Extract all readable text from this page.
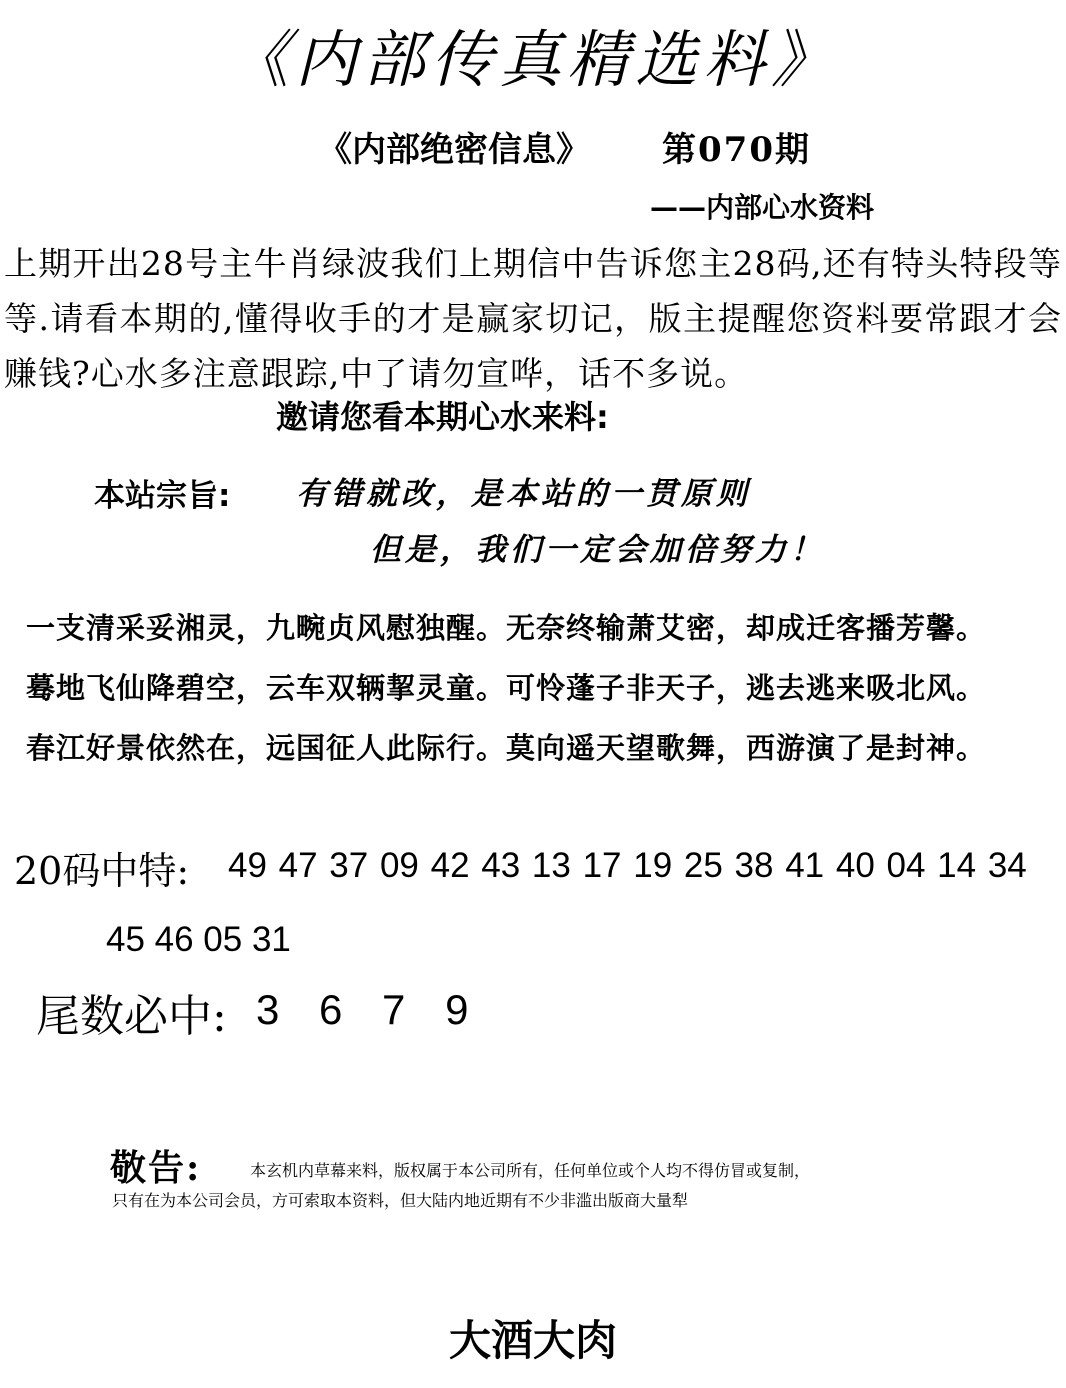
《内部传真精选料》
《内部绝密信息》 第070期
——内部心水资料
上期开出28号主牛肖绿波我们上期信中告诉您主28码,还有特头特段等等.请看本期的,懂得收手的才是赢家切记，版主提醒您资料要常跟才会赚钱?心水多注意跟踪,中了请勿宣哗，话不多说。
邀请您看本期心水来料:
本站宗旨: 有错就改，是本站的一贯原则
但是，我们一定会加倍努力！
一支清采妥湘灵，九畹贞风慰独醒。无奈终输萧艾密，却成迁客播芳馨。
蓦地飞仙降碧空，云车双辆挈灵童。可怜蓬子非天子，逃去逃来吸北风。
春江好景依然在，远国征人此际行。莫向遥天望歌舞，西游演了是封神。
20码中特: 49 47 37 09 42 43 13 17 19 25 38 41 40 04 14 34
45 46 05 31
尾数必中: 3 6 7 9
敬告:	本玄机内草幕来料，版权属于本公司所有，任何单位或个人均不得仿冒或复制，
只有在为本公司会员，方可索取本资料，但大陆内地近期有不少非滥出版商大量犁
大酒大肉
